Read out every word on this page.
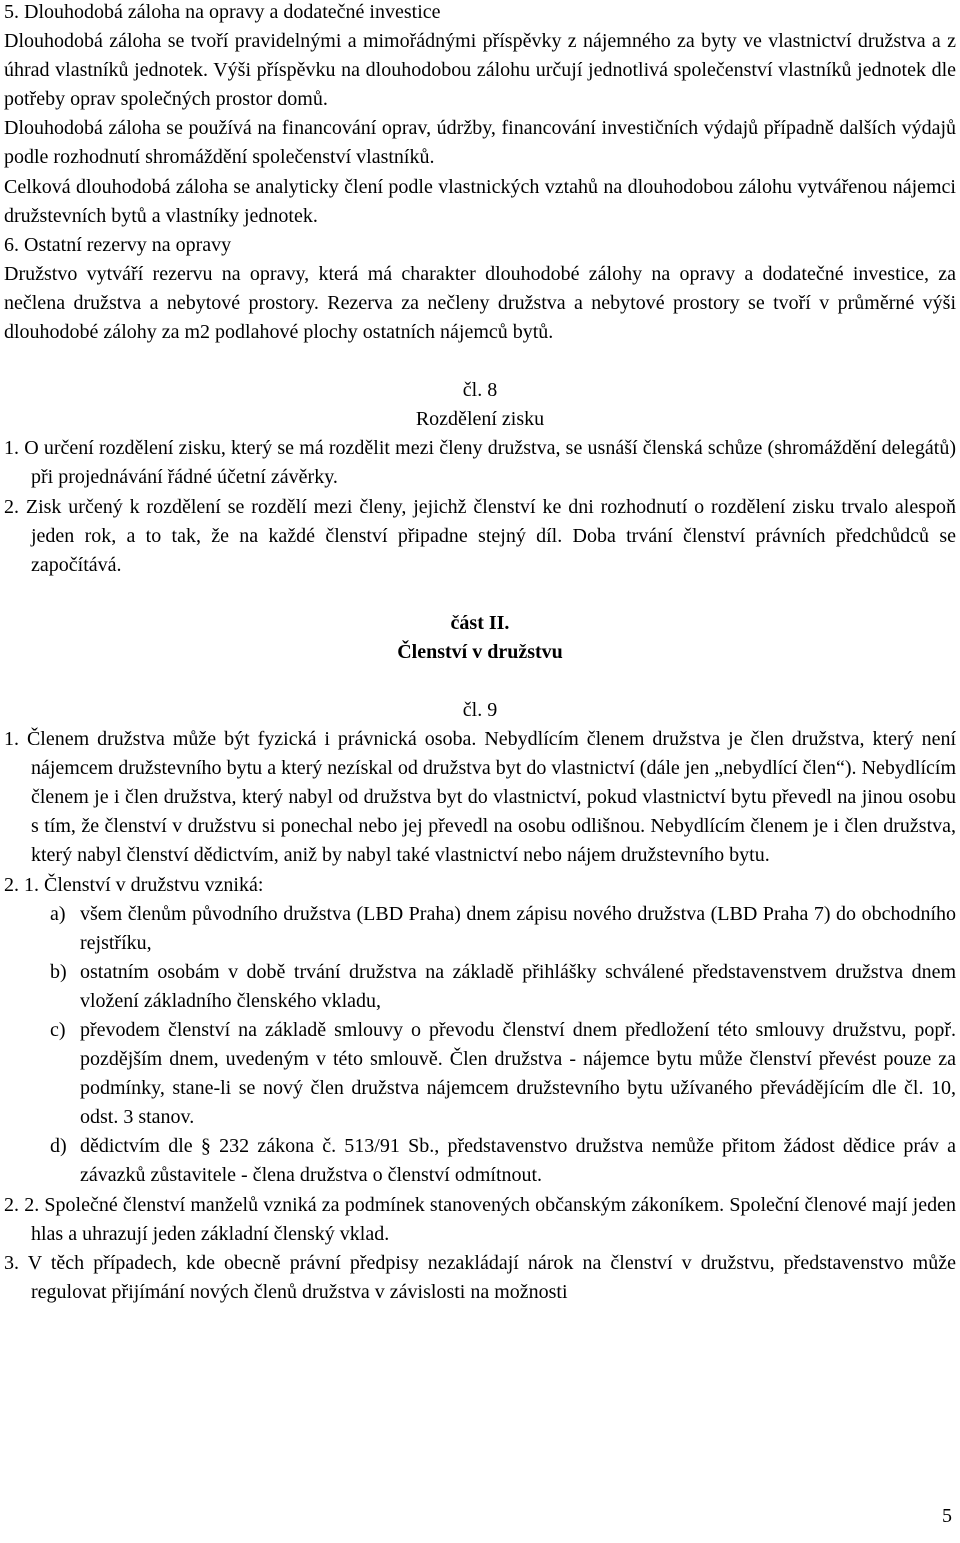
5. Dlouhodobá záloha na opravy a dodatečné investice

Dlouhodobá záloha se tvoří pravidelnými a mimořádnými příspěvky z nájemného za byty ve vlastnictví družstva a z úhrad vlastníků jednotek. Výši příspěvku na dlouhodobou zálohu určují jednotlivá společenství vlastníků jednotek dle potřeby oprav společných prostor domů.

Dlouhodobá záloha se používá na financování oprav, údržby, financování investičních výdajů případně dalších výdajů podle rozhodnutí shromáždění společenství vlastníků.

Celková dlouhodobá záloha se analyticky člení podle vlastnických vztahů na dlouhodobou zálohu vytvářenou nájemci družstevních bytů a vlastníky jednotek.

6. Ostatní rezervy na opravy

Družstvo vytváří rezervu na opravy, která má charakter dlouhodobé zálohy na opravy a dodatečné investice, za nečlena družstva a nebytové prostory. Rezerva za nečleny družstva a nebytové prostory se tvoří v průměrné výši dlouhodobé zálohy za m2 podlahové plochy ostatních nájemců bytů.

čl. 8

Rozdělení zisku

1. O určení rozdělení zisku, který se má rozdělit mezi členy družstva, se usnáší členská schůze (shromáždění delegátů) při projednávání řádné účetní závěrky.

2. Zisk určený k rozdělení se rozdělí mezi členy, jejichž členství ke dni rozhodnutí o rozdělení zisku trvalo alespoň jeden rok, a to tak, že na každé členství připadne stejný díl. Doba trvání členství právních předchůdců se započítává.

část II.

Členství v družstvu

čl. 9

1. Členem družstva může být fyzická i právnická osoba. Nebydlícím členem družstva je člen družstva, který není nájemcem družstevního bytu a který nezískal od družstva byt do vlastnictví (dále jen „nebydlící člen“). Nebydlícím členem je i člen družstva, který nabyl od družstva byt do vlastnictví, pokud vlastnictví bytu převedl na jinou osobu s tím, že členství v družstvu si ponechal nebo jej převedl na osobu odlišnou. Nebydlícím členem je i člen družstva, který nabyl členství dědictvím, aniž by nabyl také vlastnictví nebo nájem družstevního bytu.

2. 1. Členství v družstvu vzniká:

a) všem členům původního družstva (LBD Praha) dnem zápisu nového družstva (LBD Praha 7) do obchodního rejstříku,
b) ostatním osobám v době trvání družstva na základě přihlášky schválené představenstvem družstva dnem vložení základního členského vkladu,
c) převodem členství na základě smlouvy o převodu členství dnem předložení této smlouvy družstvu, popř. pozdějším dnem, uvedeným v této smlouvě. Člen družstva - nájemce bytu může členství převést pouze za podmínky, stane-li se nový člen družstva nájemcem družstevního bytu užívaného převádějícím dle čl. 10, odst. 3 stanov.
d) dědictvím dle § 232 zákona č. 513/91 Sb., představenstvo družstva nemůže přitom žádost dědice práv a závazků zůstavitele - člena družstva o členství odmítnout.

2. 2. Společné členství manželů vzniká za podmínek stanovených občanským zákoníkem. Společní členové mají jeden hlas a uhrazují jeden základní členský vklad.

3. V těch případech, kde obecně právní předpisy nezakládají nárok na členství v družstvu, představenstvo může regulovat přijímání nových členů družstva v závislosti na možnosti

5
